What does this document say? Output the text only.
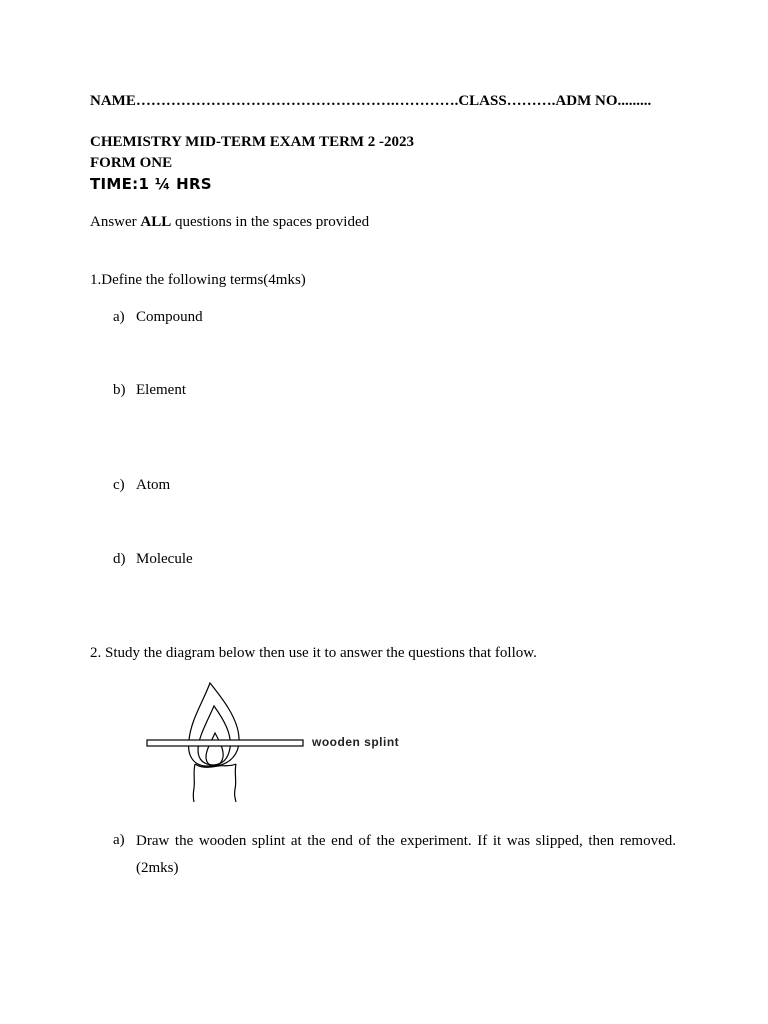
NAME…………………………………………….………….CLASS……….ADM NO.........
CHEMISTRY MID-TERM EXAM TERM 2 -2023
FORM ONE
TIME:1 ¼ HRS
Answer ALL questions in the spaces provided
1.Define the following terms(4mks)
a) Compound
b) Element
c) Atom
d) Molecule
2. Study the diagram below then use it to answer the questions that follow.
wooden splint
a) Draw the wooden splint at the end of the experiment. If it was slipped, then removed. (2mks)
